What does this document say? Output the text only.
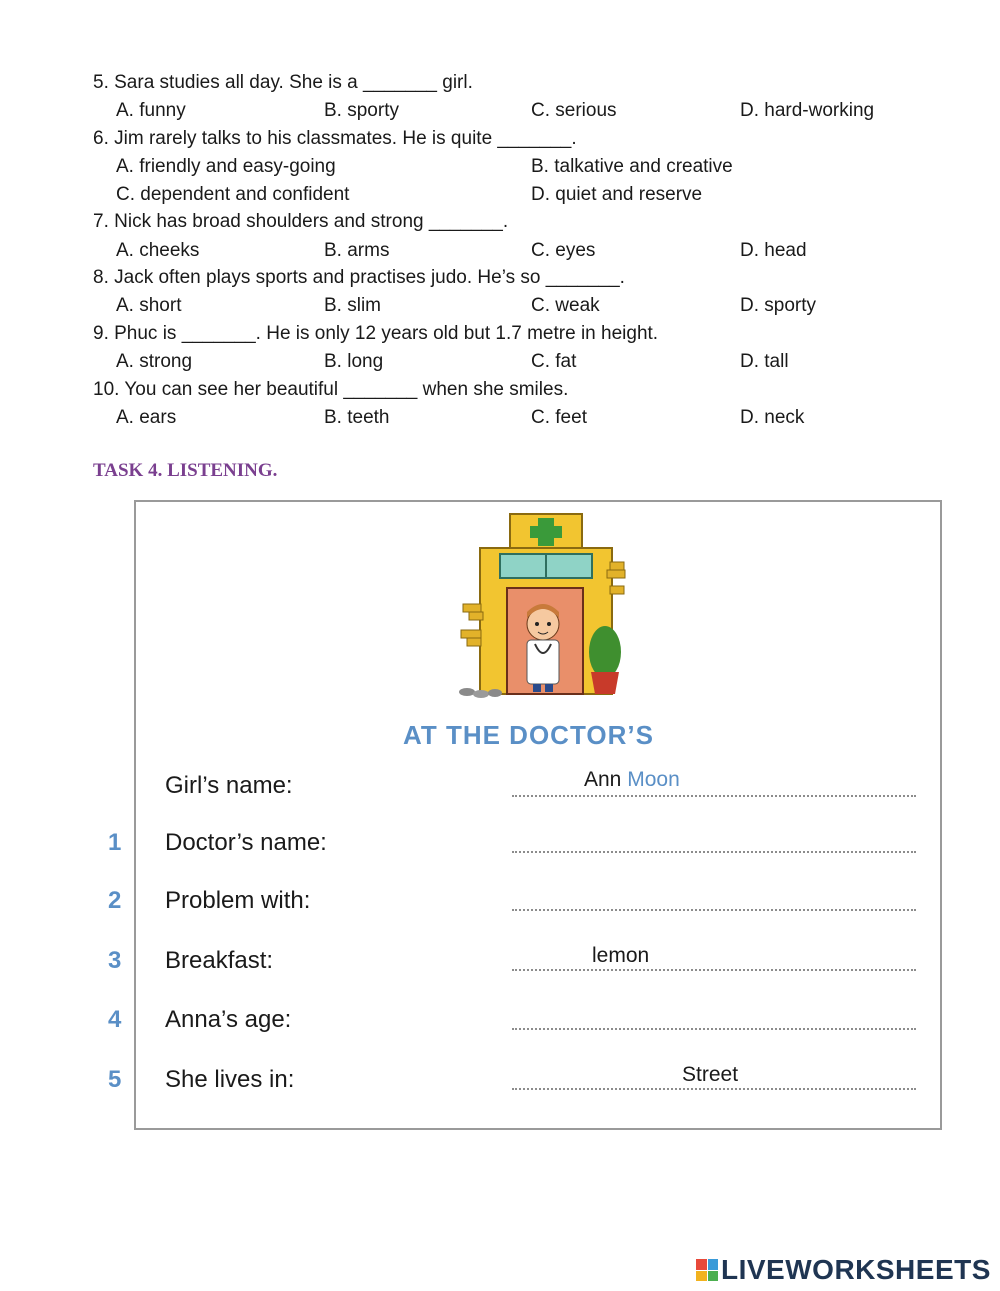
5. Sara studies all day. She is a _______ girl.
A. funny	B. sporty	C. serious	D. hard-working
6. Jim rarely talks to his classmates. He is quite _______.
A. friendly and easy-going	B. talkative and creative
C. dependent and confident	D. quiet and reserve
7. Nick has broad shoulders and strong _______.
A. cheeks	B. arms	C. eyes	D. head
8. Jack often plays sports and practises judo. He’s so _______.
A. short	B. slim	C. weak	D. sporty
9. Phuc is _______. He is only 12 years old but 1.7 metre in height.
A. strong	B. long	C. fat	D. tall
10. You can see her beautiful _______ when she smiles.
A. ears	B. teeth	C. feet	D. neck
TASK 4. LISTENING.
AT THE DOCTOR’S
Girl’s name:	Ann Moon
1 Doctor’s name:
2 Problem with:
3 Breakfast:	lemon
4 Anna’s age:
5 She lives in:	Street
LIVEWORKSHEETS
